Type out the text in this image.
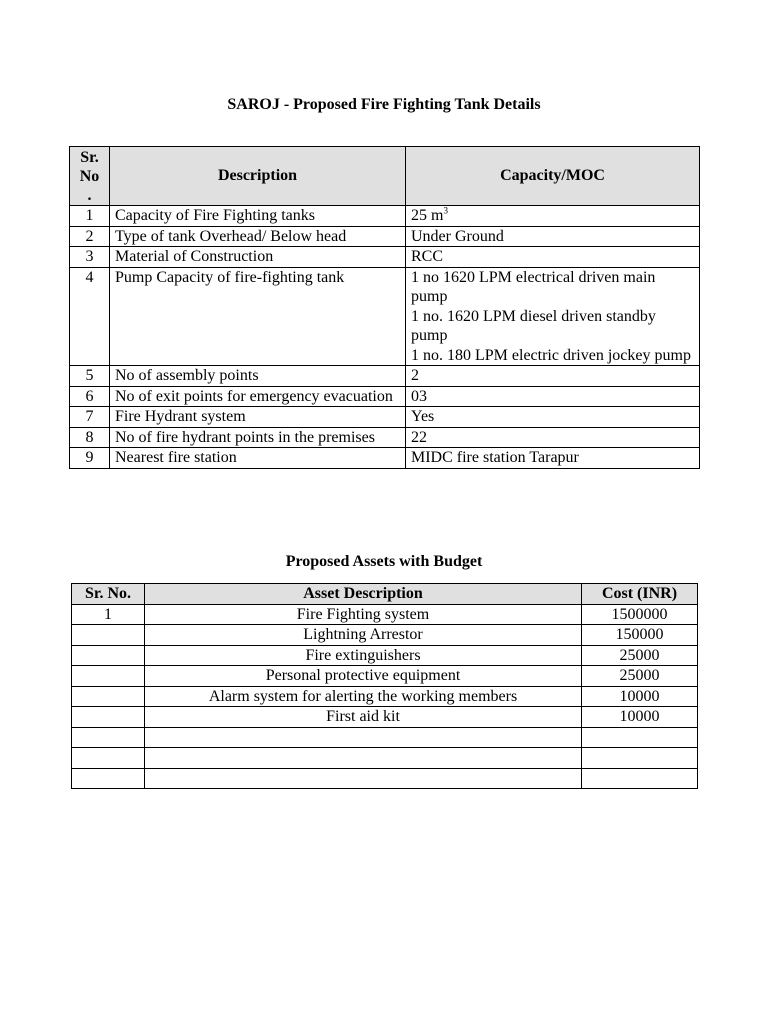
SAROJ - Proposed Fire Fighting Tank Details
Sr.
No
.	Description	Capacity/MOC
1	Capacity of Fire Fighting tanks	25 $m^3$
2	Type of tank Overhead/ Below head	Under Ground
3	Material of Construction	RCC
4	Pump Capacity of fire-fighting tank	1 no 1620 LPM electrical driven main pump
1 no. 1620 LPM diesel driven standby pump
1 no. 180 LPM electric driven jockey pump

5	No of assembly points	2
6	No of exit points for emergency evacuation	03
7	Fire Hydrant system	Yes
8	No of fire hydrant points in the premises	22
9	Nearest fire station	MIDC fire station Tarapur
Proposed Assets with Budget
Sr. No.	Asset Description	Cost (INR)
1	Fire Fighting system	1500000
	Lightning Arrestor	150000
	Fire extinguishers	25000
	Personal protective equipment	25000
	Alarm system for alerting the working members	10000
	First aid kit	10000
